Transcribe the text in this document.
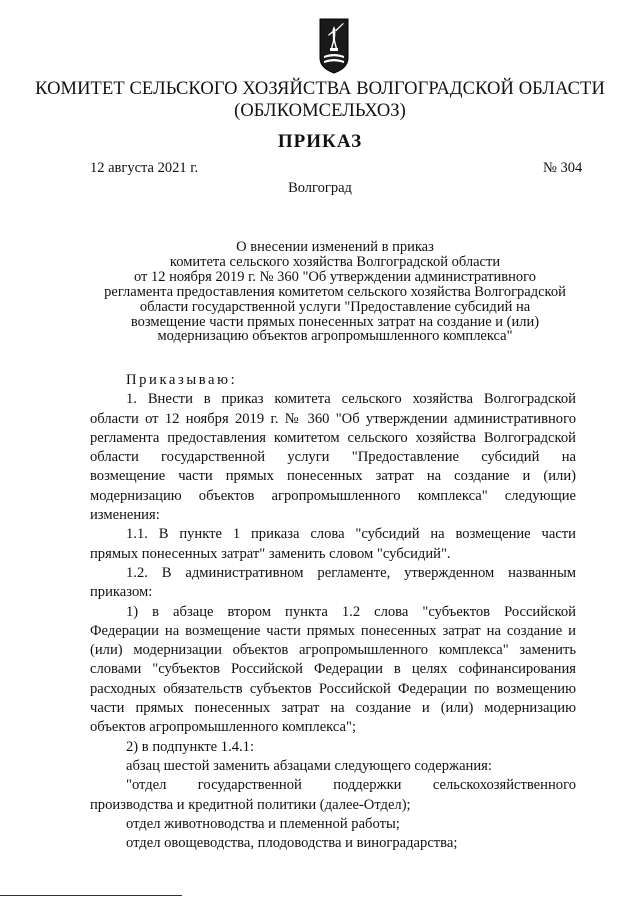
КОМИТЕТ СЕЛЬСКОГО ХОЗЯЙСТВА ВОЛГОГРАДСКОЙ ОБЛАСТИ
(ОБЛКОМСЕЛЬХОЗ)
ПРИКАЗ
12 августа 2021 г.	№ 304
Волгоград
О внесении изменений в приказ
комитета сельского хозяйства Волгоградской области
от 12 ноября 2019 г. № 360 "Об утверждении административного
регламента предоставления комитетом сельского хозяйства Волгоградской
области государственной услуги "Предоставление субсидий на
возмещение части прямых понесенных затрат на создание и (или)
модернизацию объектов агропромышленного комплекса"
Приказываю:
1. Внести в приказ комитета сельского хозяйства Волгоградской
области от 12 ноября 2019 г. № 360 "Об утверждении административного
регламента предоставления комитетом сельского хозяйства Волгоградской
области государственной услуги "Предоставление субсидий на
возмещение части прямых понесенных затрат на создание и (или)
модернизацию объектов агропромышленного комплекса" следующие
изменения:
1.1. В пункте 1 приказа слова "субсидий на возмещение части
прямых понесенных затрат" заменить словом "субсидий".
1.2. В административном регламенте, утвержденном названным
приказом:
1) в абзаце втором пункта 1.2 слова "субъектов Российской
Федерации на возмещение части прямых понесенных затрат на создание и
(или) модернизации объектов агропромышленного комплекса" заменить
словами "субъектов Российской Федерации в целях софинансирования
расходных обязательств субъектов Российской Федерации по возмещению
части прямых понесенных затрат на создание и (или) модернизацию
объектов агропромышленного комплекса";
2) в подпункте 1.4.1:
абзац шестой заменить абзацами следующего содержания:
"отдел государственной поддержки сельскохозяйственного
производства и кредитной политики (далее-Отдел);
отдел животноводства и племенной работы;
отдел овощеводства, плодоводства и виноградарства;
